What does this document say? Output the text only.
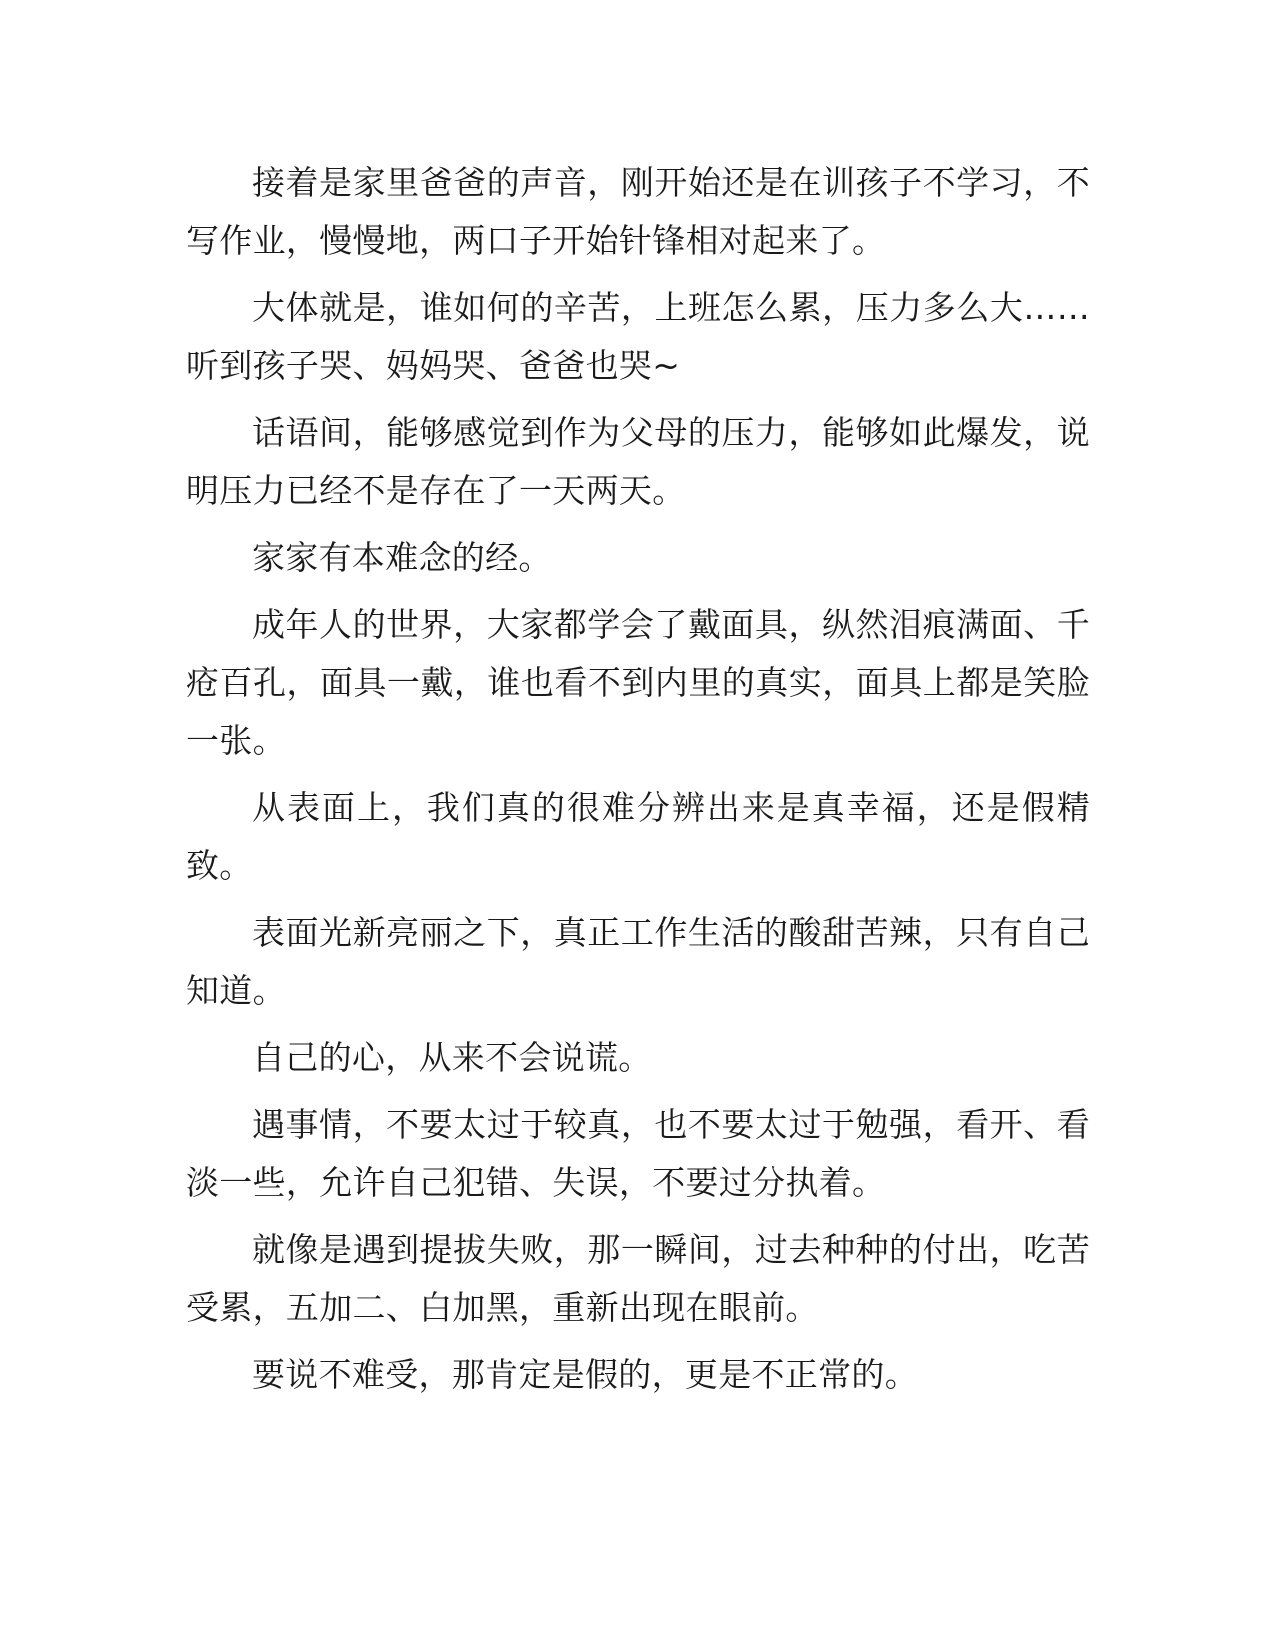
接着是家里爸爸的声音，刚开始还是在训孩子不学习，不写作业，慢慢地，两口子开始针锋相对起来了。

大体就是，谁如何的辛苦，上班怎么累，压力多么大……听到孩子哭、妈妈哭、爸爸也哭~

话语间，能够感觉到作为父母的压力，能够如此爆发，说明压力已经不是存在了一天两天。

家家有本难念的经。

成年人的世界，大家都学会了戴面具，纵然泪痕满面、千疮百孔，面具一戴，谁也看不到内里的真实，面具上都是笑脸一张。

从表面上，我们真的很难分辨出来是真幸福，还是假精致。

表面光新亮丽之下，真正工作生活的酸甜苦辣，只有自己知道。

自己的心，从来不会说谎。

遇事情，不要太过于较真，也不要太过于勉强，看开、看淡一些，允许自己犯错、失误，不要过分执着。

就像是遇到提拔失败，那一瞬间，过去种种的付出，吃苦受累，五加二、白加黑，重新出现在眼前。

要说不难受，那肯定是假的，更是不正常的。
